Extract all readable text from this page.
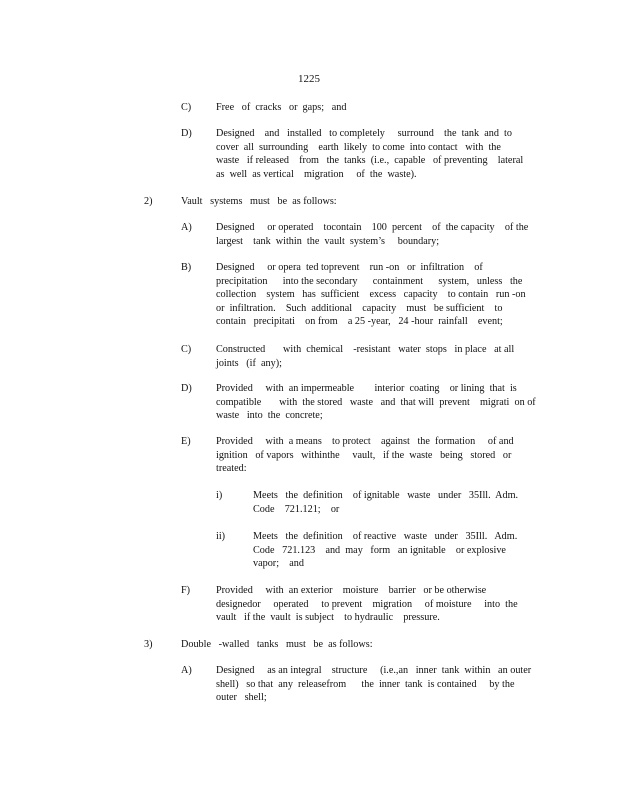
1225
C) Free   of  cracks   or  gaps;   and
D) Designed    and   installed   to completely     surround    the  tank  and  to
cover  all  surrounding    earth  likely  to come  into contact   with  the
waste   if released    from   the  tanks  (i.e.,  capable   of preventing    lateral
as  well  as vertical    migration     of  the  waste).
2)	Vault   systems   must   be  as follows:
A) Designed     or operated    tocontain    100  percent    of  the capacity    of the
largest    tank  within  the  vault  system’s     boundary;
B) Designed     or opera  ted toprevent    run -on   or  infiltration    of
precipitation      into the secondary      containment      system,   unless   the
collection    system   has  sufficient    excess   capacity    to contain   run -on
or  infiltration.    Such  additional    capacity    must   be sufficient    to
contain   precipitati    on from    a 25 -year,   24 -hour  rainfall    event;
C) Constructed       with  chemical    -resistant   water  stops   in place   at all
joints   (if  any);
D) Provided     with  an impermeable        interior  coating    or lining  that  is
compatible       with  the stored   waste   and  that will  prevent    migrati  on of
waste   into  the  concrete;
E) Provided     with  a means    to protect    against   the  formation     of and
ignition   of vapors   withinthe     vault,   if the  waste   being   stored   or
treated:
i)	Meets   the  definition    of ignitable   waste   under   35Ill.  Adm.
Code    721.121;    or
ii)	Meets   the  definition    of reactive   waste   under   35Ill.   Adm.
Code   721.123    and  may   form   an ignitable    or explosive
vapor;    and
F)	Provided     with  an exterior    moisture    barrier   or be otherwise
designedor     operated     to prevent    migration     of moisture     into  the
vault   if the  vault  is subject    to hydraulic    pressure.
3)	Double   -walled   tanks   must   be  as follows:
A) Designed     as an integral    structure     (i.e.,an   inner  tank  within   an outer
shell)   so that  any  releasefrom      the  inner  tank  is contained     by the
outer   shell;
